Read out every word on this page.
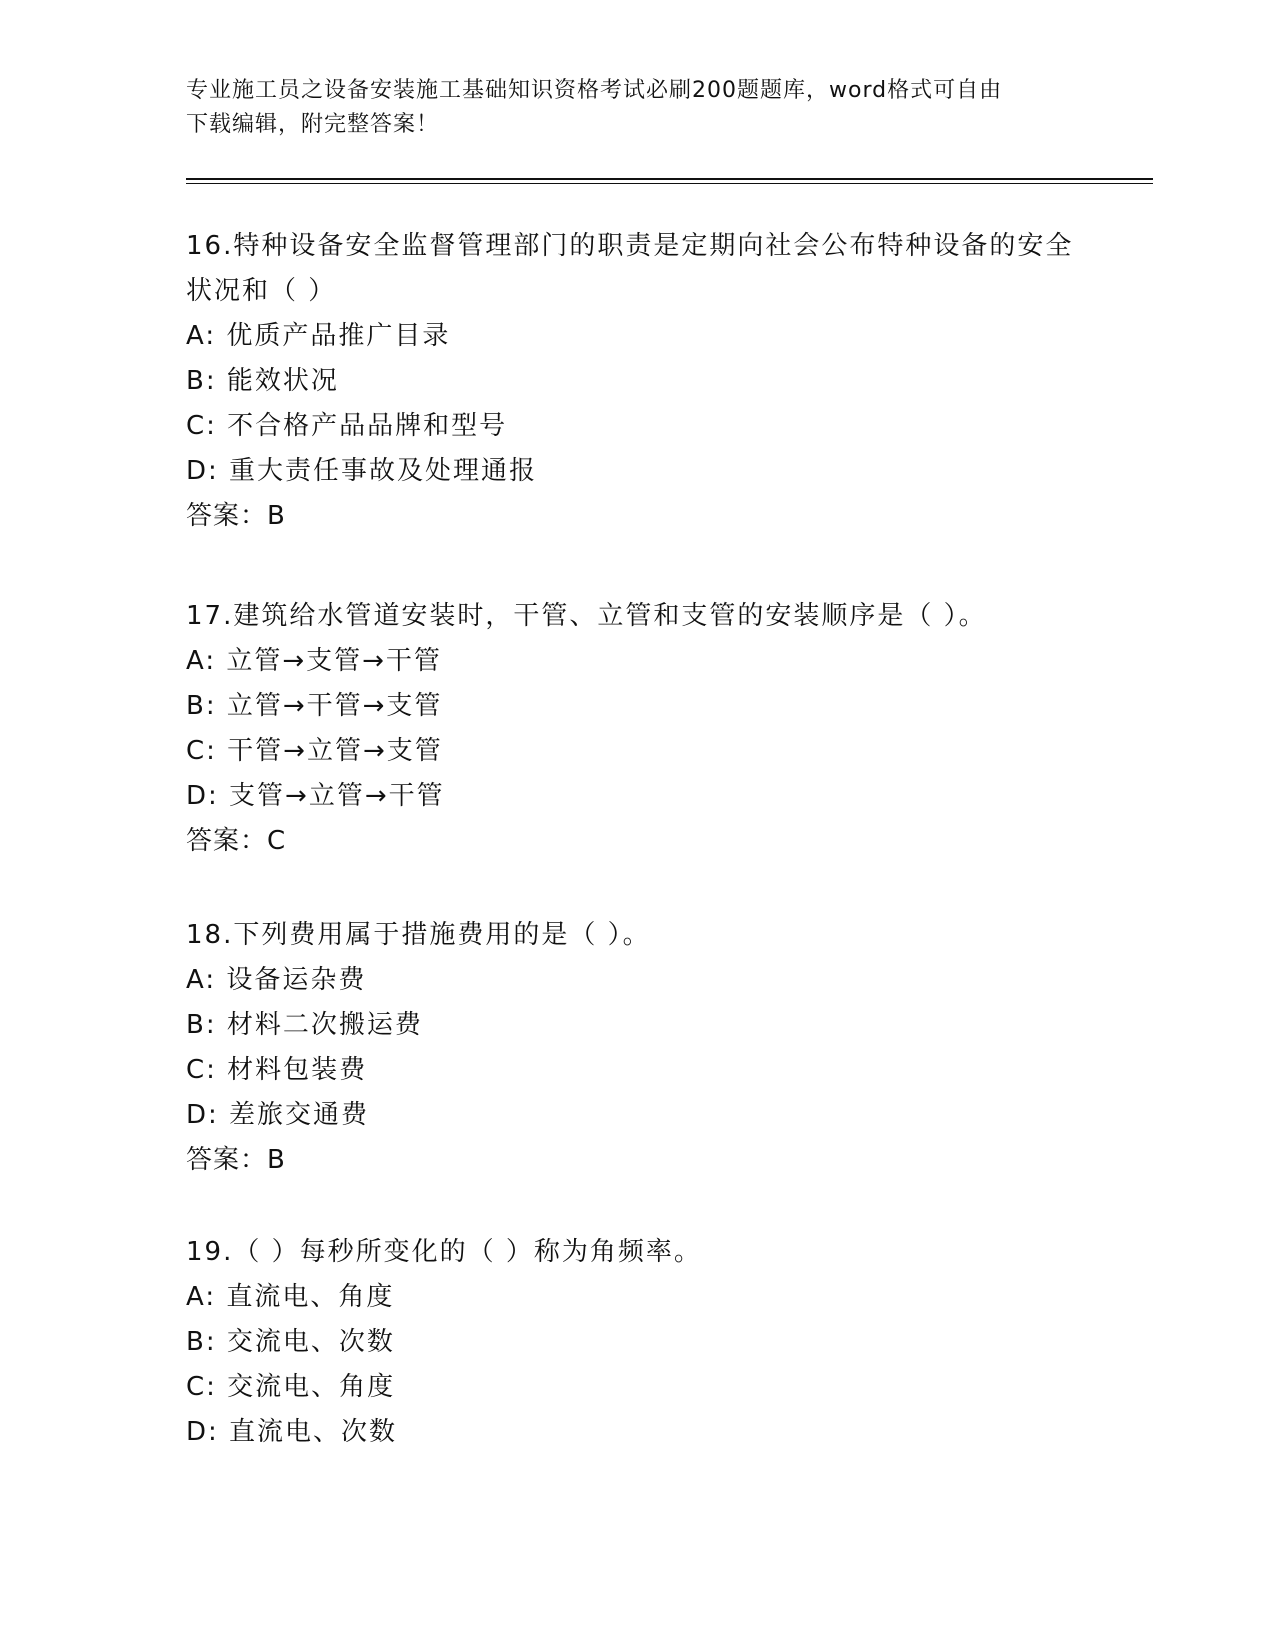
专业施工员之设备安装施工基础知识资格考试必刷200题题库，word格式可自由
下载编辑，附完整答案！

16.特种设备安全监督管理部门的职责是定期向社会公布特种设备的安全状况和（ ）

A: 优质产品推广目录

B: 能效状况

C: 不合格产品品牌和型号

D: 重大责任事故及处理通报

答案：B

17.建筑给水管道安装时，干管、立管和支管的安装顺序是（ ）。

A: 立管→支管→干管

B: 立管→干管→支管

C: 干管→立管→支管

D: 支管→立管→干管

答案：C

18.下列费用属于措施费用的是（ ）。

A: 设备运杂费

B: 材料二次搬运费

C: 材料包装费

D: 差旅交通费

答案：B

19.（ ）每秒所变化的（ ）称为角频率。

A: 直流电、角度

B: 交流电、次数

C: 交流电、角度

D: 直流电、次数
